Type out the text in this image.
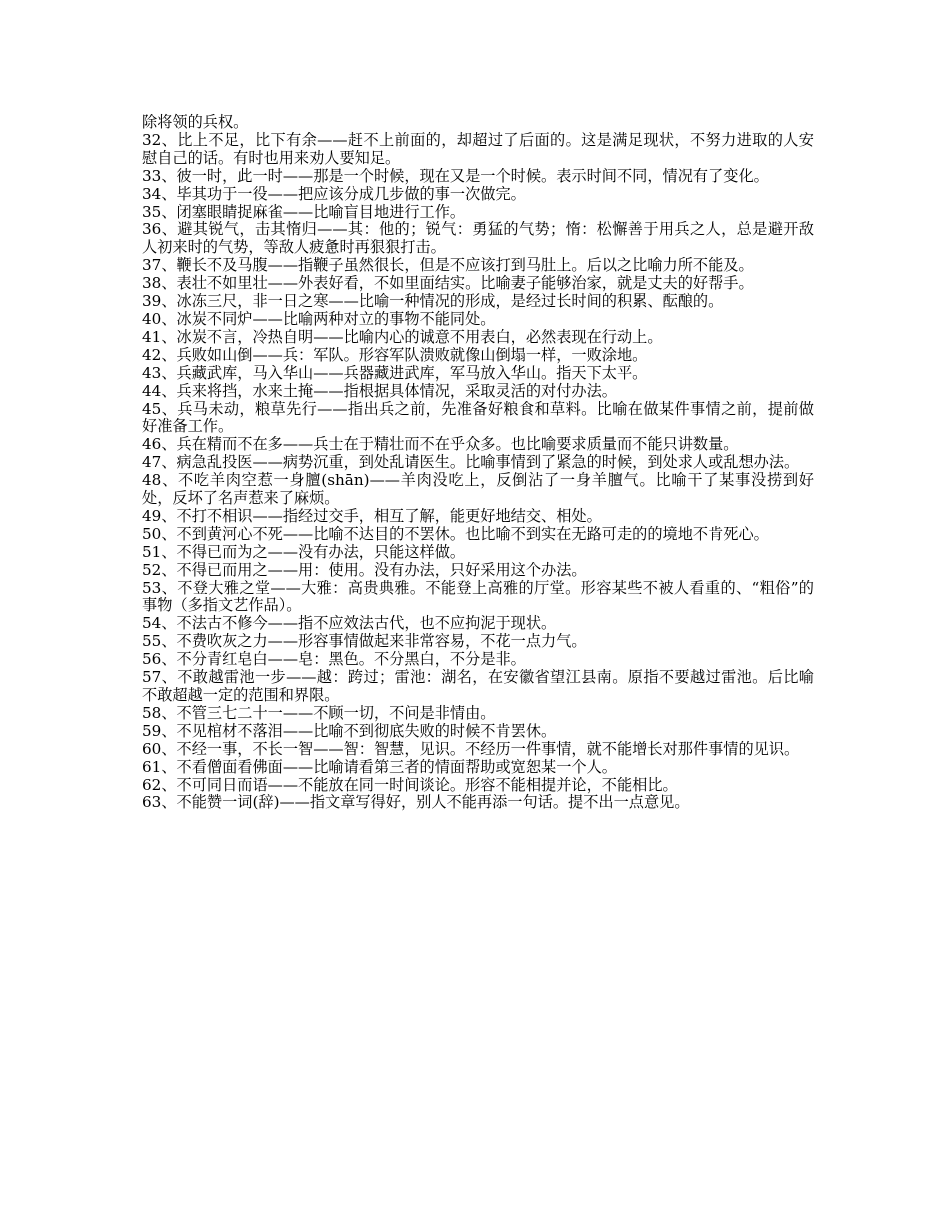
除将领的兵权。

32、比上不足，比下有余——赶不上前面的，却超过了后面的。这是满足现状，不努力进取的人安慰自己的话。有时也用来劝人要知足。

33、彼一时，此一时——那是一个时候，现在又是一个时候。表示时间不同，情况有了变化。

34、毕其功于一役——把应该分成几步做的事一次做完。

35、闭塞眼睛捉麻雀——比喻盲目地进行工作。

36、避其锐气，击其惰归——其：他的；锐气：勇猛的气势；惰：松懈善于用兵之人，总是避开敌人初来时的气势，等敌人疲惫时再狠狠打击。

37、鞭长不及马腹——指鞭子虽然很长，但是不应该打到马肚上。后以之比喻力所不能及。

38、表壮不如里壮——外表好看，不如里面结实。比喻妻子能够治家，就是丈夫的好帮手。

39、冰冻三尺，非一日之寒——比喻一种情况的形成，是经过长时间的积累、酝酿的。

40、冰炭不同炉——比喻两种对立的事物不能同处。

41、冰炭不言，冷热自明——比喻内心的诚意不用表白，必然表现在行动上。

42、兵败如山倒——兵：军队。形容军队溃败就像山倒塌一样，一败涂地。

43、兵藏武库，马入华山——兵器藏进武库，军马放入华山。指天下太平。

44、兵来将挡，水来土掩——指根据具体情况，采取灵活的对付办法。

45、兵马未动，粮草先行——指出兵之前，先准备好粮食和草料。比喻在做某件事情之前，提前做好准备工作。

46、兵在精而不在多——兵士在于精壮而不在乎众多。也比喻要求质量而不能只讲数量。

47、病急乱投医——病势沉重，到处乱请医生。比喻事情到了紧急的时候，到处求人或乱想办法。

48、不吃羊肉空惹一身膻(shān)——羊肉没吃上，反倒沾了一身羊膻气。比喻干了某事没捞到好处，反坏了名声惹来了麻烦。

49、不打不相识——指经过交手，相互了解，能更好地结交、相处。

50、不到黄河心不死——比喻不达目的不罢休。也比喻不到实在无路可走的的境地不肯死心。

51、不得已而为之——没有办法，只能这样做。

52、不得已而用之——用：使用。没有办法，只好采用这个办法。

53、不登大雅之堂——大雅：高贵典雅。不能登上高雅的厅堂。形容某些不被人看重的、“粗俗”的事物（多指文艺作品）。

54、不法古不修今——指不应效法古代，也不应拘泥于现状。

55、不费吹灰之力——形容事情做起来非常容易，不花一点力气。

56、不分青红皂白——皂：黑色。不分黑白，不分是非。

57、不敢越雷池一步——越：跨过；雷池：湖名，在安徽省望江县南。原指不要越过雷池。后比喻不敢超越一定的范围和界限。

58、不管三七二十一——不顾一切，不问是非情由。

59、不见棺材不落泪——比喻不到彻底失败的时候不肯罢休。

60、不经一事，不长一智——智：智慧，见识。不经历一件事情，就不能增长对那件事情的见识。

61、不看僧面看佛面——比喻请看第三者的情面帮助或宽恕某一个人。

62、不可同日而语——不能放在同一时间谈论。形容不能相提并论，不能相比。

63、不能赞一词(辞)——指文章写得好，别人不能再添一句话。提不出一点意见。
